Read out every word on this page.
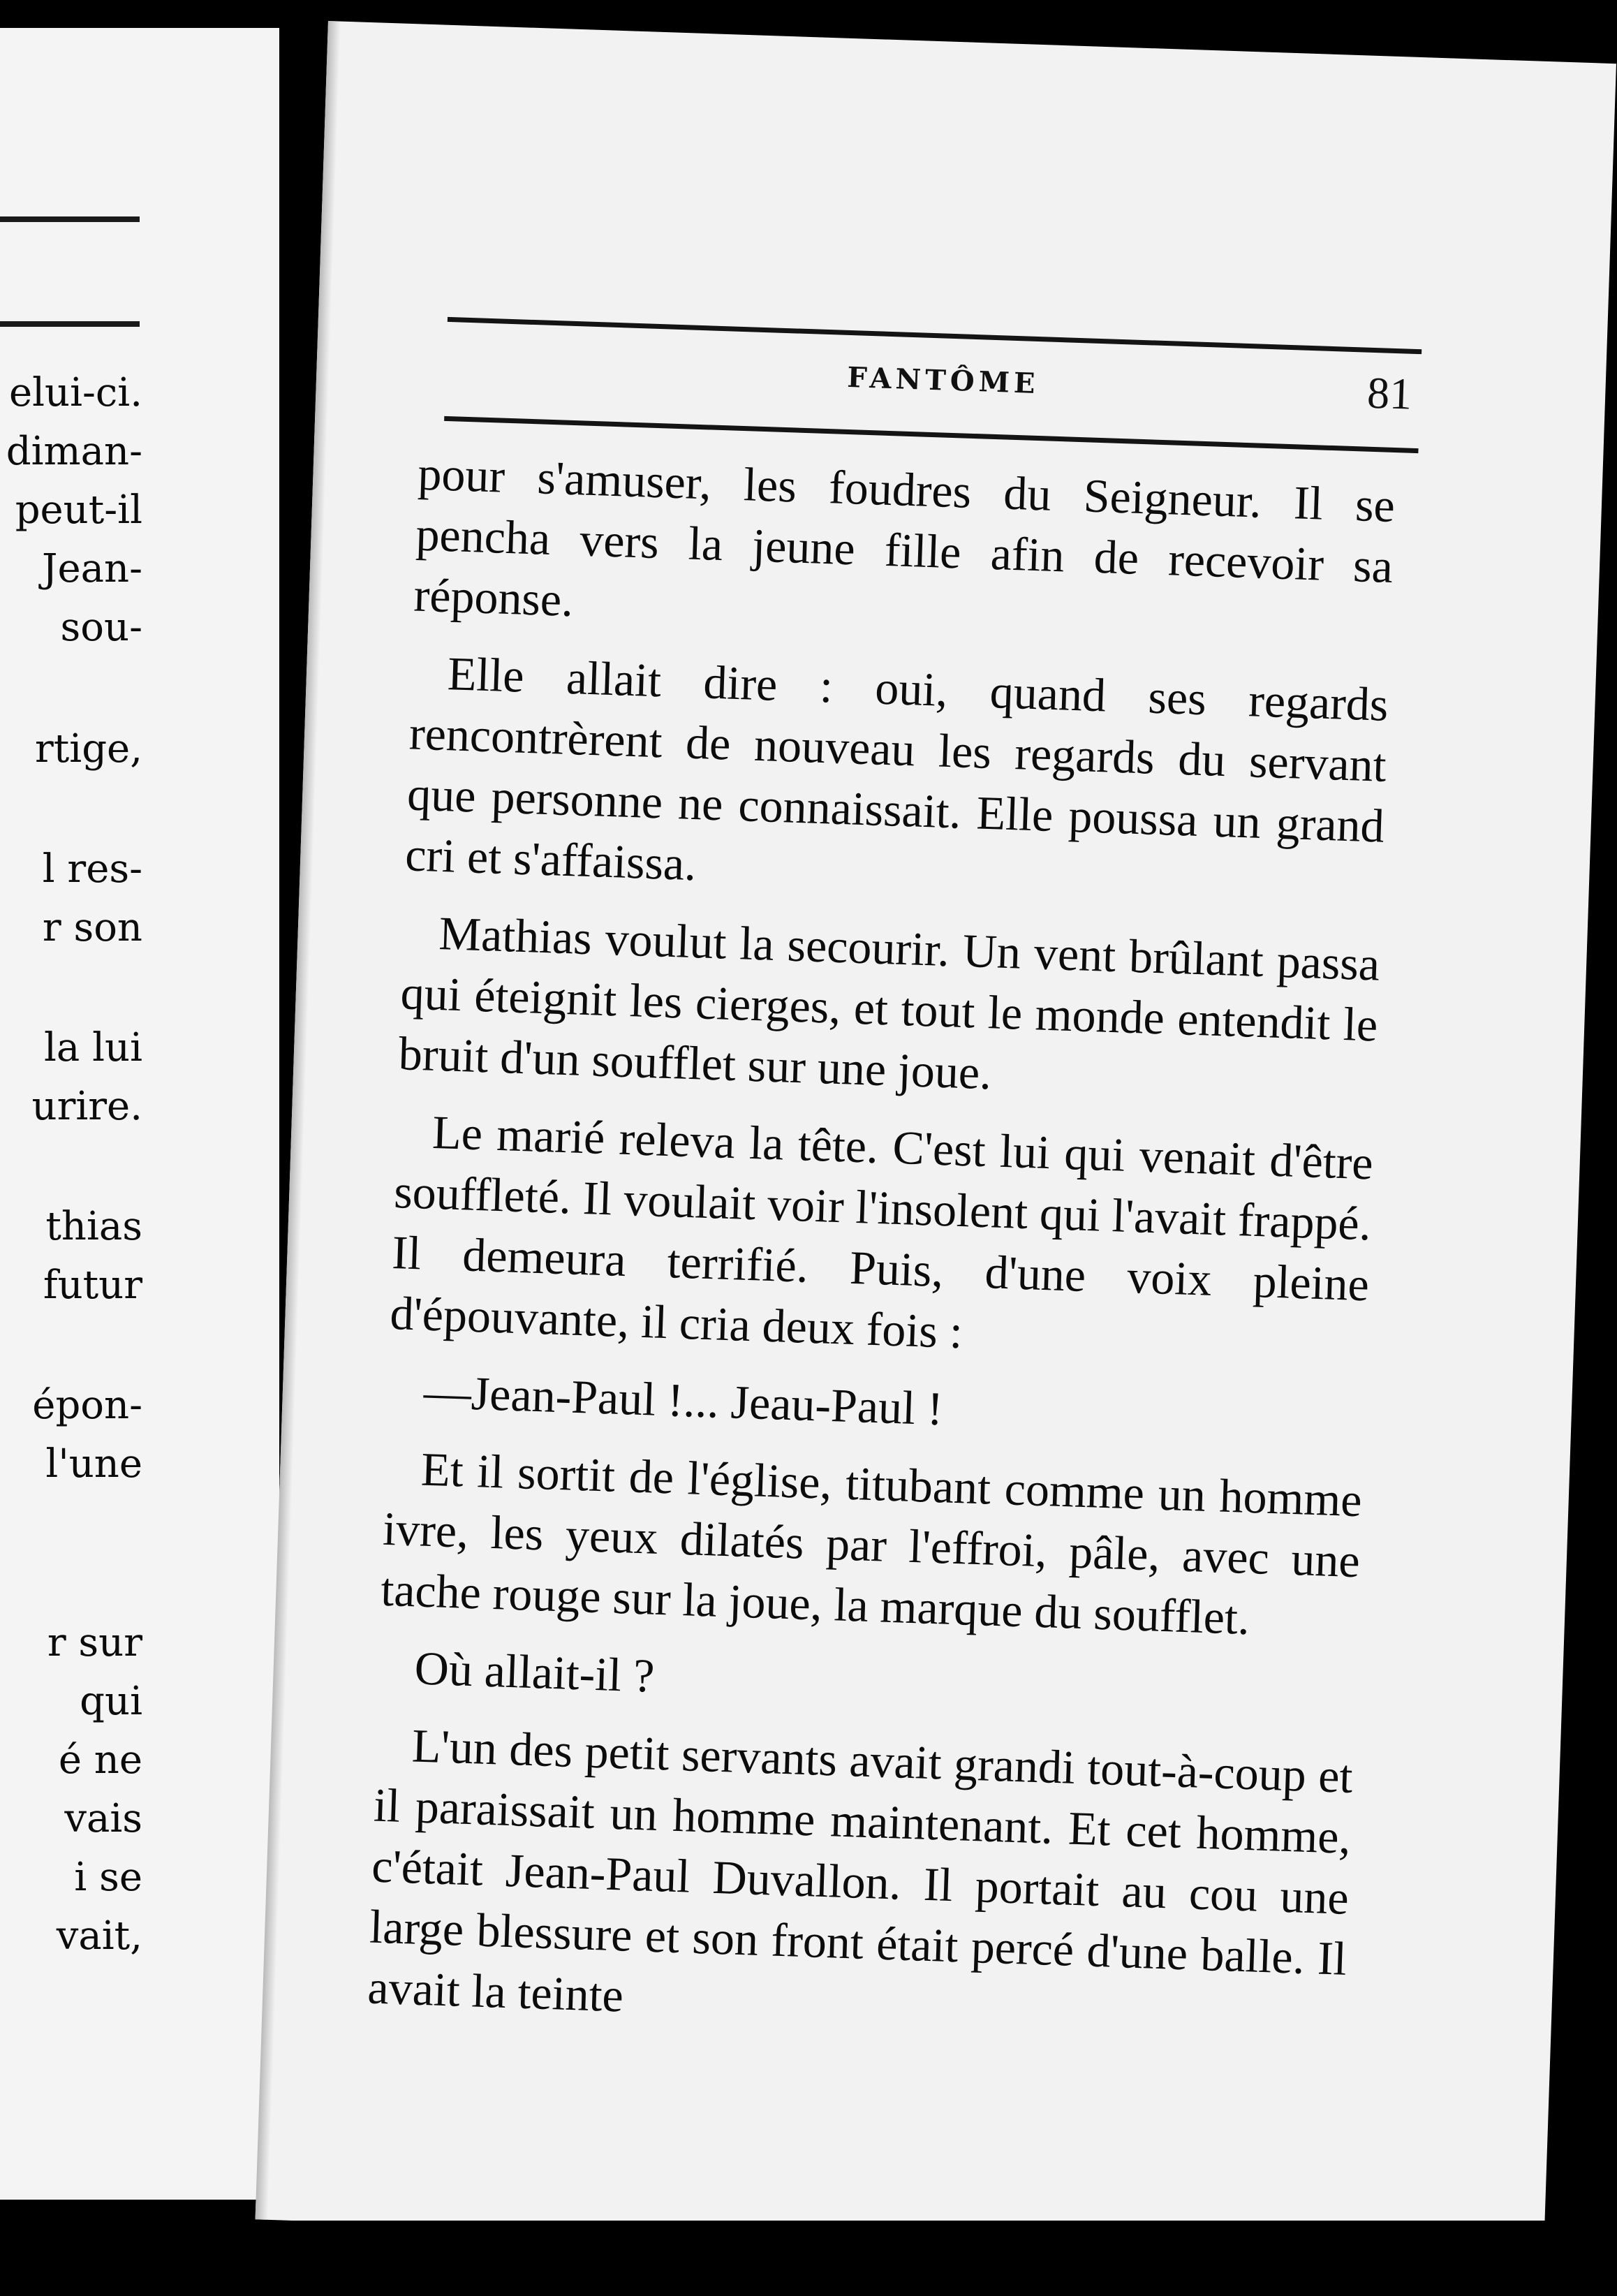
elui-ci.
diman-
peut-il
Jean-
sou-
rtige,
l res-
r son
la lui
urire.
thias
futur
épon-
l'une
r sur
qui
é ne
vais
i se
vait,
FANTÔME	81

pour s'amuser, les foudres du Seigneur. Il se pencha vers la jeune fille afin de recevoir sa réponse.

Elle allait dire : oui, quand ses regards rencontrèrent de nouveau les regards du servant que personne ne connaissait. Elle poussa un grand cri et s'affaissa.

Mathias voulut la secourir. Un vent brûlant passa qui éteignit les cierges, et tout le monde entendit le bruit d'un soufflet sur une joue.

Le marié releva la tête. C'est lui qui venait d'être souffleté. Il voulait voir l'insolent qui l'avait frappé. Il demeura terrifié. Puis, d'une voix pleine d'épouvante, il cria deux fois :

—Jean-Paul !... Jeau-Paul !

Et il sortit de l'église, titubant comme un homme ivre, les yeux dilatés par l'effroi, pâle, avec une tache rouge sur la joue, la marque du soufflet.

Où allait-il ?

L'un des petit servants avait grandi tout-à-coup et il paraissait un homme maintenant. Et cet homme, c'était Jean-Paul Duvallon. Il portait au cou une large blessure et son front était percé d'une balle. Il avait la teinte
